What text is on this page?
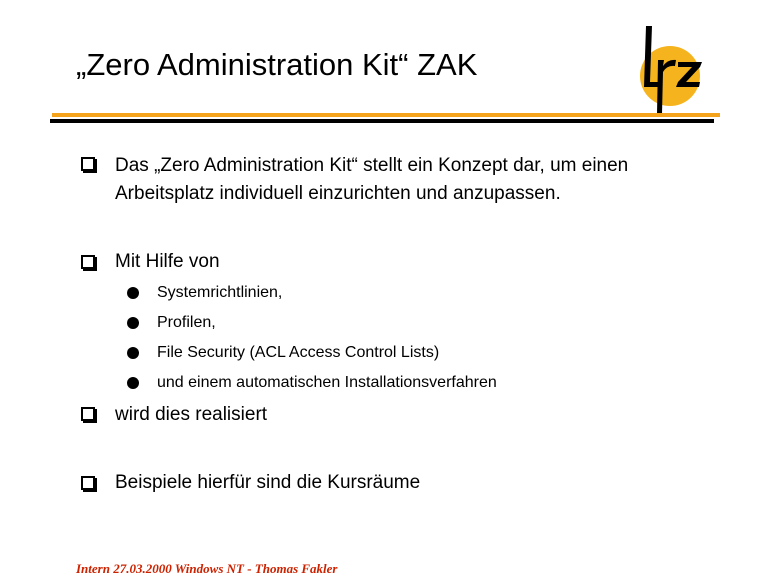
„Zero Administration Kit“ ZAK
Das „Zero Administration Kit“ stellt ein Konzept dar, um einen
Arbeitsplatz individuell einzurichten und anzupassen.
Mit Hilfe von
Systemrichtlinien,
Profilen,
File Security (ACL Access Control Lists)
und einem automatischen Installationsverfahren
wird dies realisiert
Beispiele hierfür sind die Kursräume
Intern 27.03.2000 Windows NT - Thomas Fakler
